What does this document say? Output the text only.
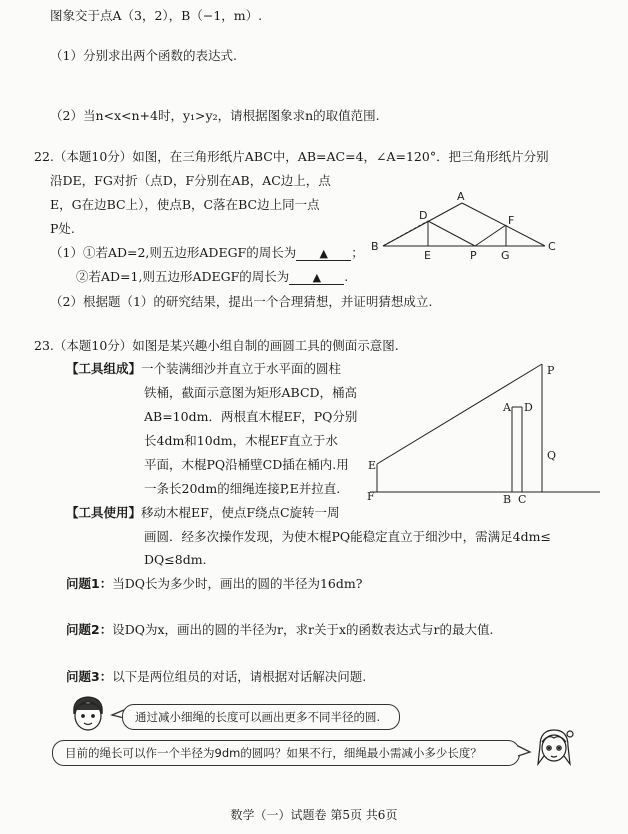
图象交于点A（3，2），B（−1，m）.
（1）分别求出两个函数的表达式.
（2）当n<x<n+4时，y₁>y₂，请根据图象求n的取值范围.
22.（本题10分）如图，在三角形纸片ABC中，AB=AC=4，∠A=120°．把三角形纸片分别
沿DE，FG对折（点D，F分别在AB，AC边上，点
E，G在边BC上），使点B，C落在BC边上同一点
P处.
（1）①若AD=2,则五边形ADEGF的周长为 ▲ ；
②若AD=1,则五边形ADEGF的周长为 ▲ .
（2）根据题（1）的研究结果，提出一个合理猜想，并证明猜想成立.
A
B	C
D
E
F
P G
23.（本题10分）如图是某兴趣小组自制的画圆工具的侧面示意图.
【工具组成】一个装满细沙并直立于水平面的圆柱
铁桶，截面示意图为矩形ABCD，桶高
AB=10dm．两根直木棍EF，PQ分别
长4dm和10dm，木棍EF直立于水
平面，木棍PQ沿桶壁CD插在桶内.用
一条长20dm的细绳连接P,E并拉直.
【工具使用】移动木棍EF，使点F绕点C旋转一周
画圆．经多次操作发现，为使木棍PQ能稳定直立于细沙中，需满足4dm≤
DQ≤8dm.
问题1：当DQ长为多少时，画出的圆的半径为16dm?
问题2：设DQ为x，画出的圆的半径为r，求r关于x的函数表达式与r的最大值.
问题3：以下是两位组员的对话，请根据对话解决问题.
P
A D
Q
E
F	B C
通过减小细绳的长度可以画出更多不同半径的圆.
目前的绳长可以作一个半径为9dm的圆吗？如果不行，细绳最小需减小多少长度？
数学（一）试题卷 第5页 共6页
